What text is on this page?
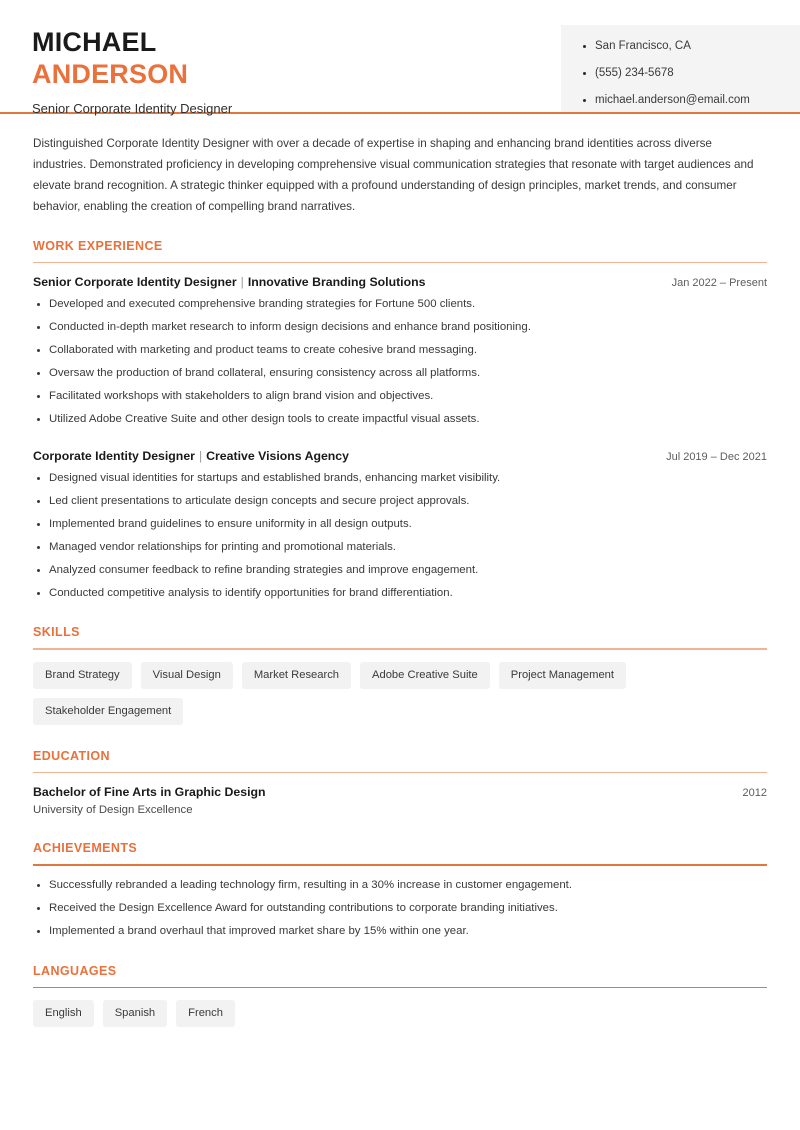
San Francisco, CA
(555) 234-5678
michael.anderson@email.com
MICHAEL
ANDERSON
Senior Corporate Identity Designer

Distinguished Corporate Identity Designer with over a decade of expertise in shaping and enhancing brand identities across diverse industries. Demonstrated proficiency in developing comprehensive visual communication strategies that resonate with target audiences and elevate brand recognition. A strategic thinker equipped with a profound understanding of design principles, market trends, and consumer behavior, enabling the creation of compelling brand narratives.

WORK EXPERIENCE
Senior Corporate Identity Designer | Innovative Branding Solutions	Jan 2022 – Present
Developed and executed comprehensive branding strategies for Fortune 500 clients.
Conducted in-depth market research to inform design decisions and enhance brand positioning.
Collaborated with marketing and product teams to create cohesive brand messaging.
Oversaw the production of brand collateral, ensuring consistency across all platforms.
Facilitated workshops with stakeholders to align brand vision and objectives.
Utilized Adobe Creative Suite and other design tools to create impactful visual assets.
Corporate Identity Designer | Creative Visions Agency	Jul 2019 – Dec 2021
Designed visual identities for startups and established brands, enhancing market visibility.
Led client presentations to articulate design concepts and secure project approvals.
Implemented brand guidelines to ensure uniformity in all design outputs.
Managed vendor relationships for printing and promotional materials.
Analyzed consumer feedback to refine branding strategies and improve engagement.
Conducted competitive analysis to identify opportunities for brand differentiation.
SKILLS
Brand Strategy	Visual Design	Market Research	Adobe Creative Suite	Project Management
Stakeholder Engagement
EDUCATION
Bachelor of Fine Arts in Graphic Design	2012
University of Design Excellence
ACHIEVEMENTS
Successfully rebranded a leading technology firm, resulting in a 30% increase in customer engagement.
Received the Design Excellence Award for outstanding contributions to corporate branding initiatives.
Implemented a brand overhaul that improved market share by 15% within one year.
LANGUAGES
English	Spanish	French
